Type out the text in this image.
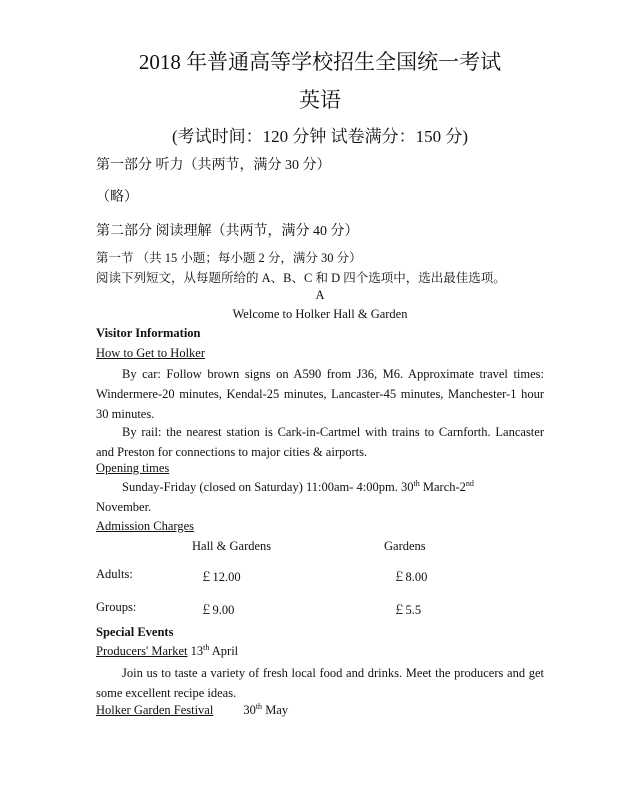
2018 年普通高等学校招生全国统一考试
英语
(考试时间：120 分钟 试卷满分：150 分)
第一部分 听力（共两节，满分 30 分）
（略）
第二部分 阅读理解（共两节，满分 40 分）
第一节 （共 15 小题；每小题 2 分，满分 30 分）
阅读下列短文，从每题所给的 A、B、C 和 D 四个选项中，选出最佳选项。
A
Welcome to Holker Hall & Garden
Visitor Information
How to Get to Holker
By car: Follow brown signs on A590 from J36, M6. Approximate travel times: Windermere-20 minutes, Kendal-25 minutes, Lancaster-45 minutes, Manchester-1 hour 30 minutes.
By rail: the nearest station is Cark-in-Cartmel with trains to Carnforth. Lancaster and Preston for connections to major cities & airports.
Opening times
Sunday-Friday (closed on Saturday) 11:00am- 4:00pm. 30th March-2nd
November.
Admission Charges
Hall & Gardens	Gardens
Adults:	￡12.00	￡8.00
Groups:	￡9.00	￡5.5
Special Events
Producers' Market 13th April
Join us to taste a variety of fresh local food and drinks. Meet the producers and get some excellent recipe ideas.
Holker Garden Festival 30th May
